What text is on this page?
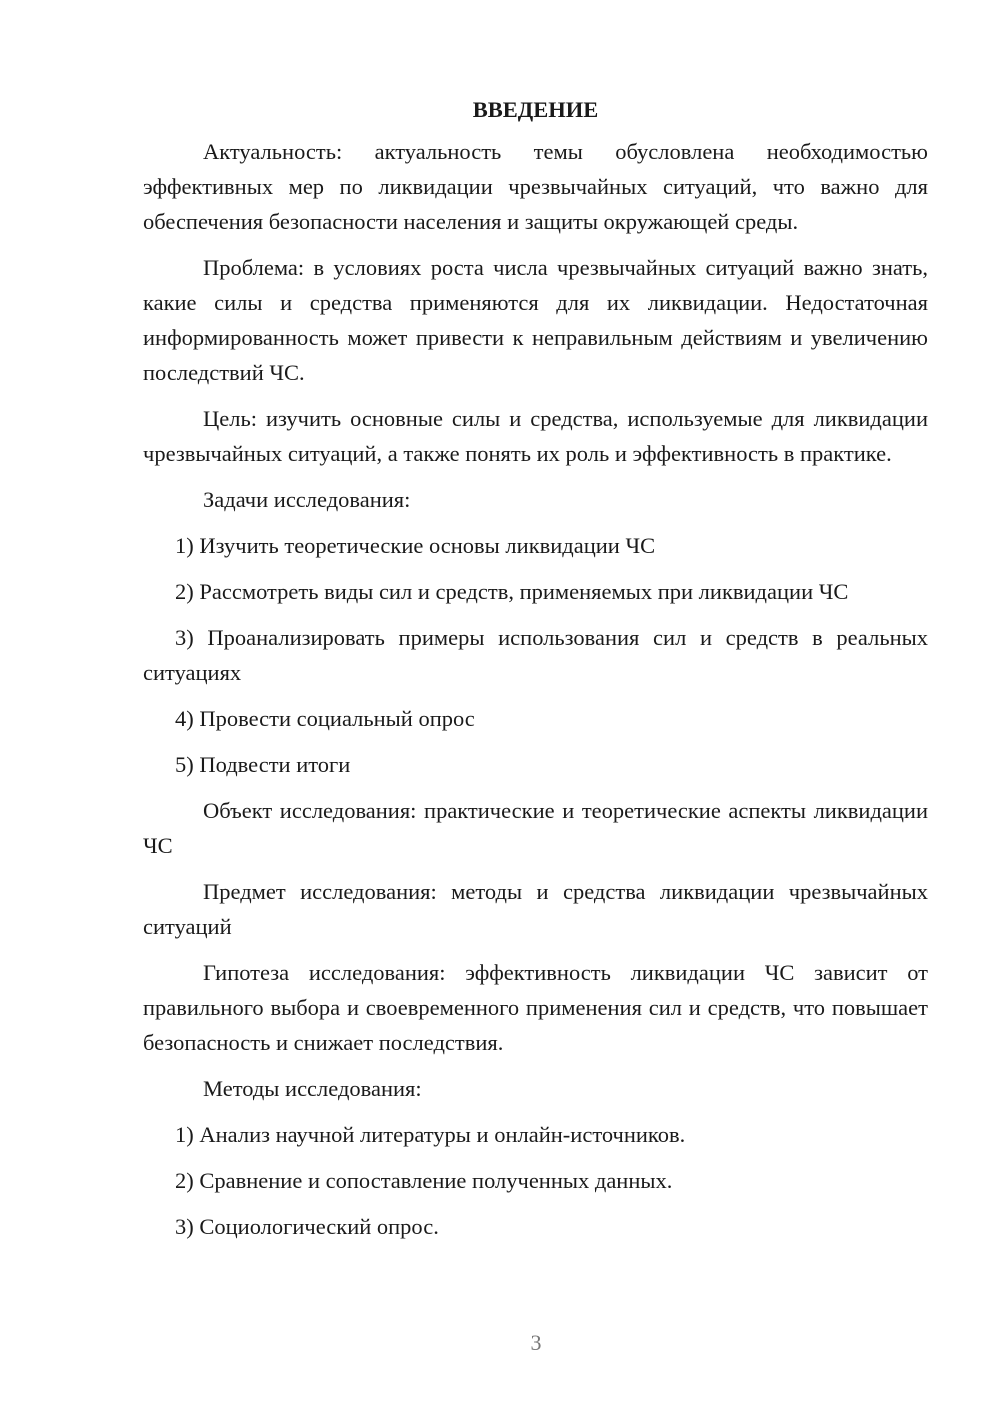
ВВЕДЕНИЕ

Актуальность: актуальность темы обусловлена необходимостью эффективных мер по ликвидации чрезвычайных ситуаций, что важно для обеспечения безопасности населения и защиты окружающей среды.

Проблема: в условиях роста числа чрезвычайных ситуаций важно знать, какие силы и средства применяются для их ликвидации. Недостаточная информированность может привести к неправильным действиям и увеличению последствий ЧС.

Цель: изучить основные силы и средства, используемые для ликвидации чрезвычайных ситуаций, а также понять их роль и эффективность в практике.

Задачи исследования:

1) Изучить теоретические основы ликвидации ЧС

2) Рассмотреть виды сил и средств, применяемых при ликвидации ЧС

3) Проанализировать примеры использования сил и средств в реальных ситуациях

4) Провести социальный опрос

5) Подвести итоги

Объект исследования: практические и теоретические аспекты ликвидации ЧС

Предмет исследования: методы и средства ликвидации чрезвычайных ситуаций

Гипотеза исследования: эффективность ликвидации ЧС зависит от правильного выбора и своевременного применения сил и средств, что повышает безопасность и снижает последствия.

Методы исследования:

1) Анализ научной литературы и онлайн-источников.

2) Сравнение и сопоставление полученных данных.

3) Социологический опрос.

3
